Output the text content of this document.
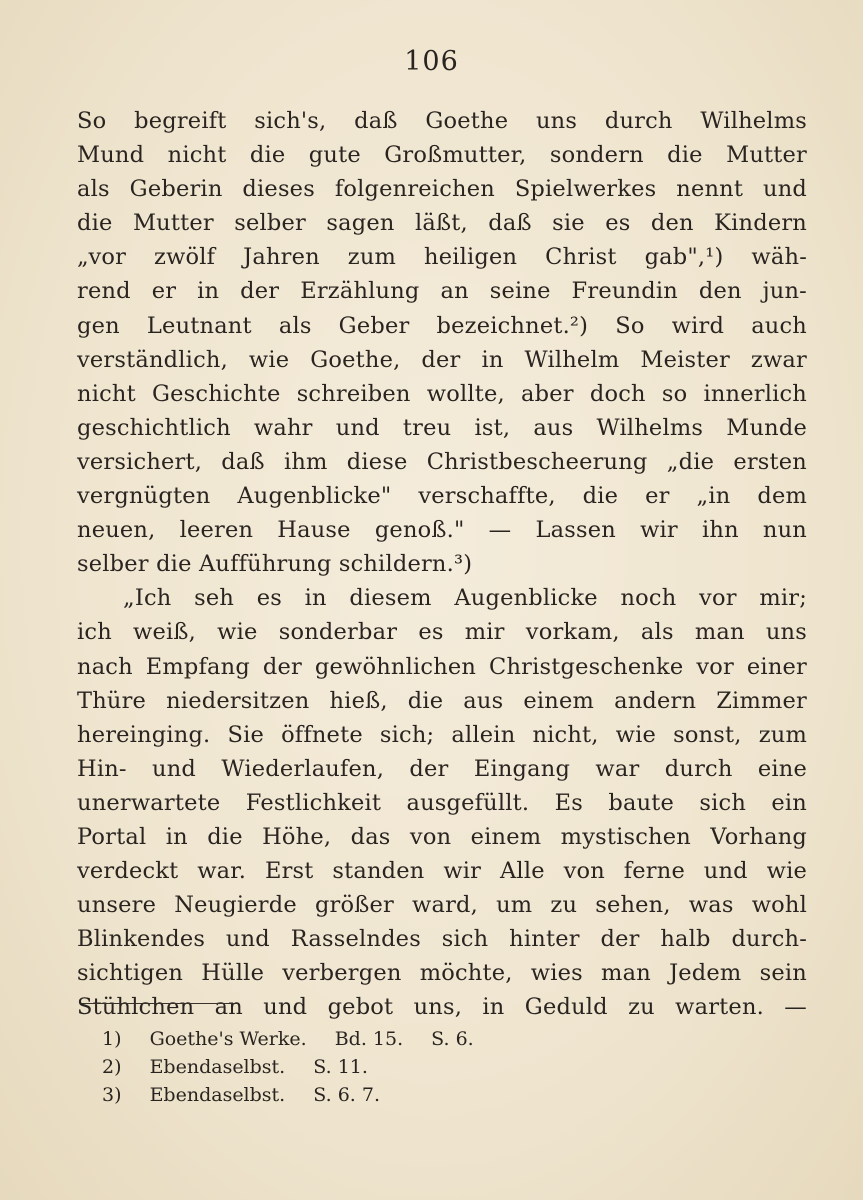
106
So begreift sich's, daß Goethe uns durch Wilhelms
Mund nicht die gute Großmutter, sondern die Mutter
als Geberin dieses folgenreichen Spielwerkes nennt und
die Mutter selber sagen läßt, daß sie es den Kindern
„vor zwölf Jahren zum heiligen Christ gab",¹) wäh-
rend er in der Erzählung an seine Freundin den jun-
gen Leutnant als Geber bezeichnet.²) So wird auch
verständlich, wie Goethe, der in Wilhelm Meister zwar
nicht Geschichte schreiben wollte, aber doch so innerlich
geschichtlich wahr und treu ist, aus Wilhelms Munde
versichert, daß ihm diese Christbescheerung „die ersten
vergnügten Augenblicke" verschaffte, die er „in dem
neuen, leeren Hause genoß." — Lassen wir ihn nun
selber die Aufführung schildern.³)
„Ich seh es in diesem Augenblicke noch vor mir;
ich weiß, wie sonderbar es mir vorkam, als man uns
nach Empfang der gewöhnlichen Christgeschenke vor einer
Thüre niedersitzen hieß, die aus einem andern Zimmer
hereinging. Sie öffnete sich; allein nicht, wie sonst, zum
Hin- und Wiederlaufen, der Eingang war durch eine
unerwartete Festlichkeit ausgefüllt. Es baute sich ein
Portal in die Höhe, das von einem mystischen Vorhang
verdeckt war. Erst standen wir Alle von ferne und wie
unsere Neugierde größer ward, um zu sehen, was wohl
Blinkendes und Rasselndes sich hinter der halb durch-
sichtigen Hülle verbergen möchte, wies man Jedem sein
Stühlchen an und gebot uns, in Geduld zu warten. —
1) Goethe's Werke. Bd. 15. S. 6.
2) Ebendaselbst. S. 11.
3) Ebendaselbst. S. 6. 7.
